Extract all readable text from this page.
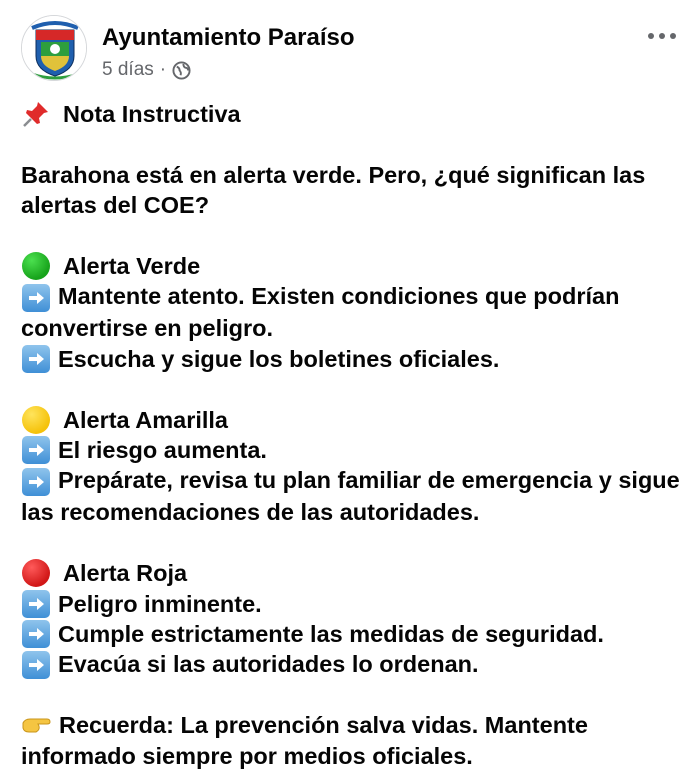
Ayuntamiento Paraíso
5 días ·
Nota Instructiva
Barahona está en alerta verde. Pero, ¿qué significan las alertas del COE?
Alerta Verde
Mantente atento. Existen condiciones que podrían convertirse en peligro.
Escucha y sigue los boletines oficiales.
Alerta Amarilla
El riesgo aumenta.
Prepárate, revisa tu plan familiar de emergencia y sigue las recomendaciones de las autoridades.
Alerta Roja
Peligro inminente.
Cumple estrictamente las medidas de seguridad.
Evacúa si las autoridades lo ordenan.
Recuerda: La prevención salva vidas. Mantente informado siempre por medios oficiales.
